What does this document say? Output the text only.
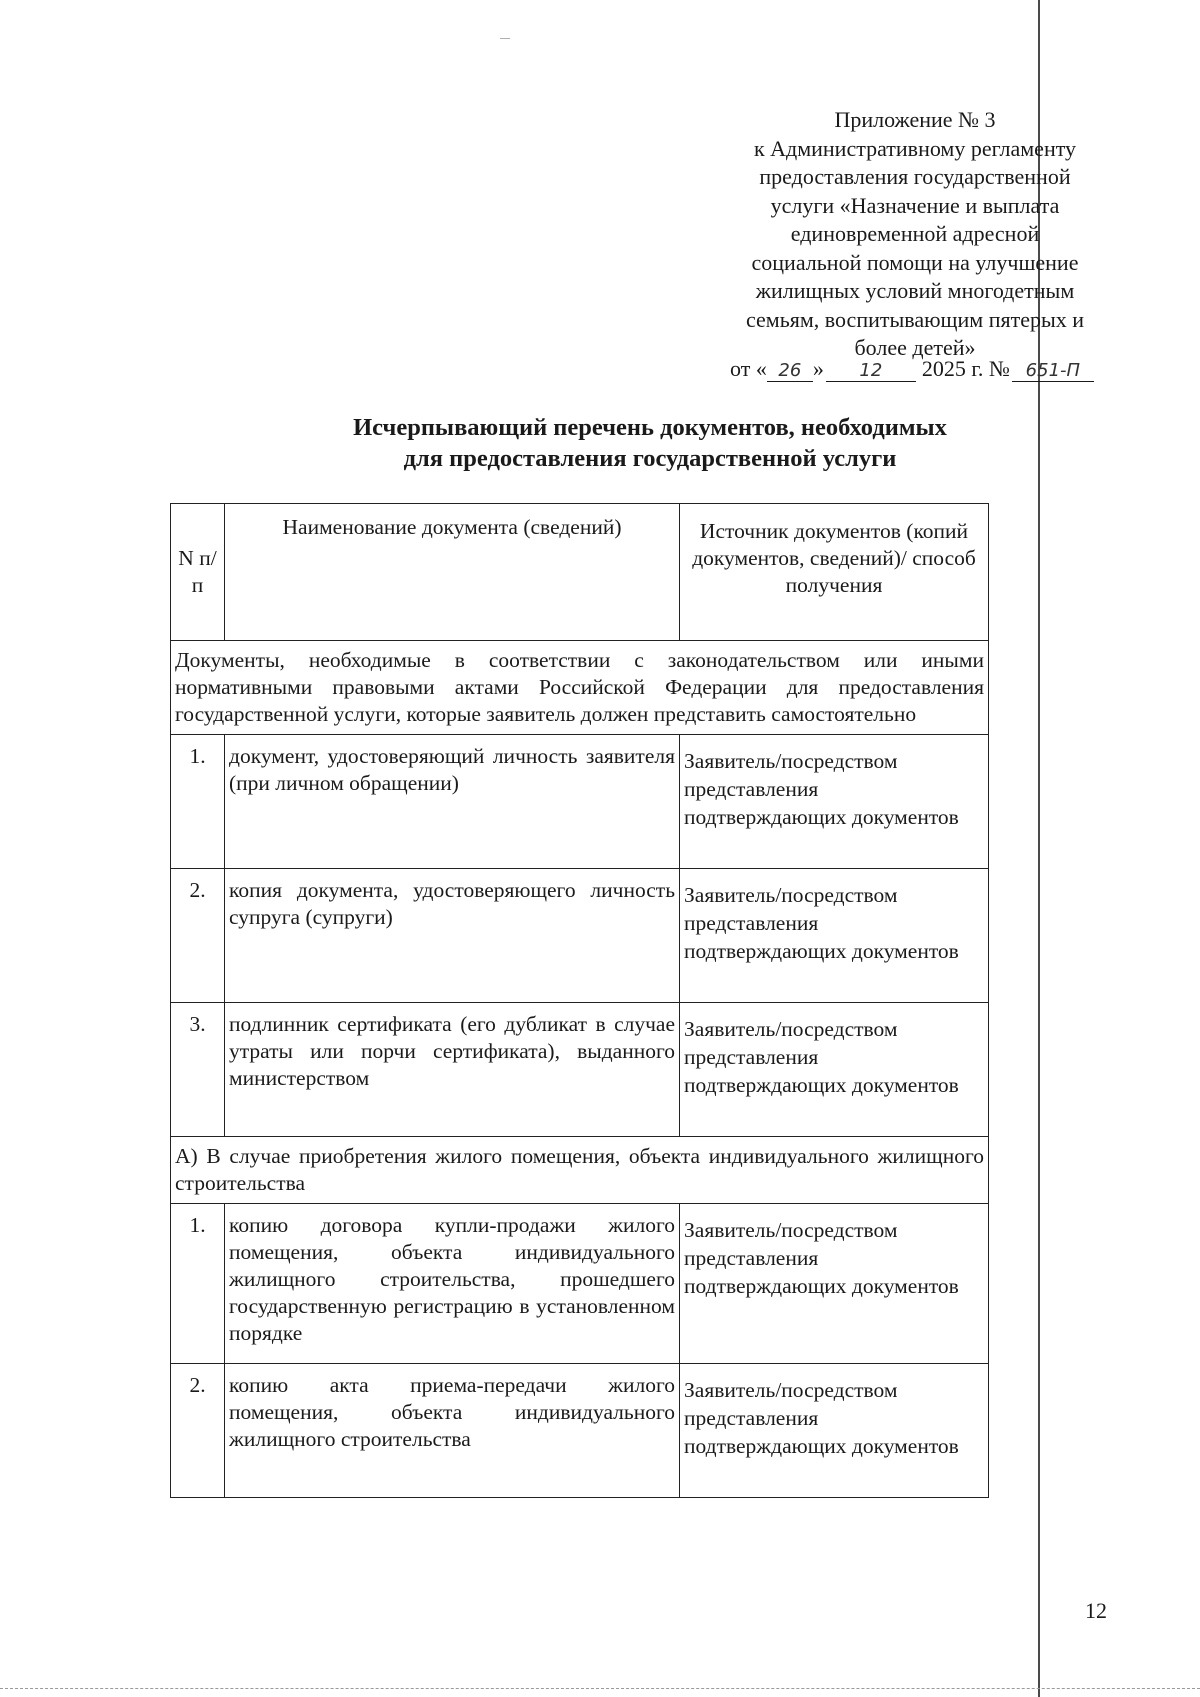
Приложение № 3
к Административному регламенту
предоставления государственной
услуги «Назначение и выплата
единовременной адресной
социальной помощи на улучшение
жилищных условий многодетным
семьям, воспитывающим пятерых и
более детей»
от « 26 » 12 2025 г. № 651-П
Исчерпывающий перечень документов, необходимых
для предоставления государственной услуги
N п/п	Наименование документа (сведений)	Источник документов (копий документов, сведений)/ способ получения
Документы, необходимые в соответствии с законодательством или иными нормативными правовыми актами Российской Федерации для предоставления государственной услуги, которые заявитель должен представить самостоятельно		
1.	документ, удостоверяющий личность заявителя (при личном обращении)	Заявитель/посредством представления подтверждающих документов
2.	копия документа, удостоверяющего личность супруга (супруги)	Заявитель/посредством представления подтверждающих документов
3.	подлинник сертификата (его дубликат в случае утраты или порчи сертификата), выданного министерством	Заявитель/посредством представления подтверждающих документов
А) В случае приобретения жилого помещения, объекта индивидуального жилищного строительства		
1.	копию договора купли-продажи жилого помещения, объекта индивидуального жилищного строительства, прошедшего государственную регистрацию в установленном порядке	Заявитель/посредством представления подтверждающих документов
2.	копию акта приема-передачи жилого помещения, объекта индивидуального жилищного строительства	Заявитель/посредством представления подтверждающих документов
12
